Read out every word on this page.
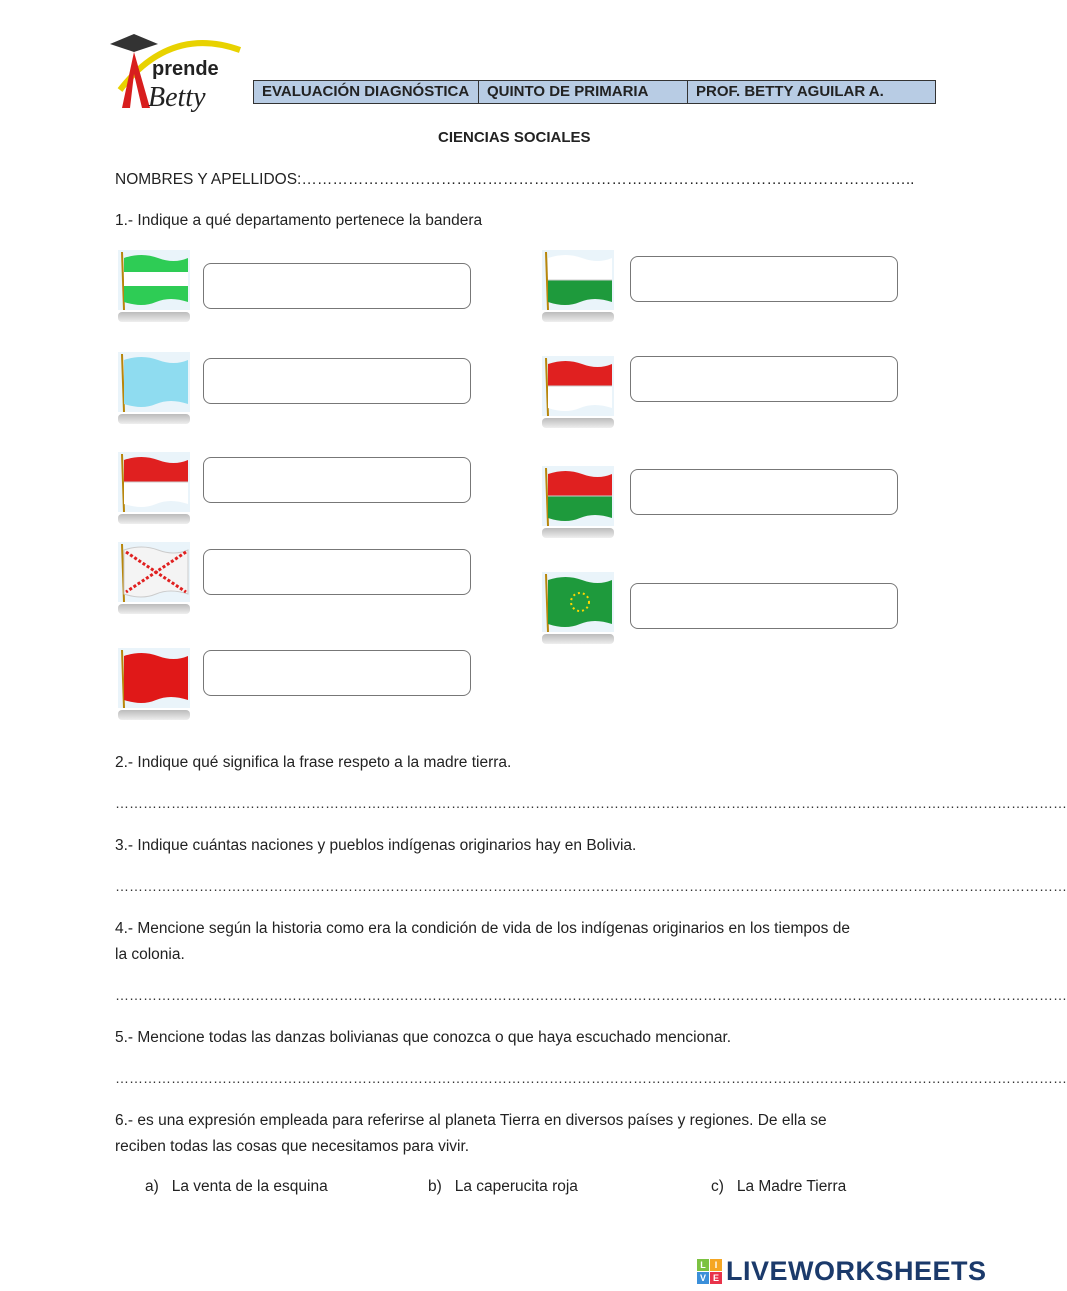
prende
Betty	EVALUACIÓN DIAGNÓSTICA	QUINTO DE PRIMARIA	PROF. BETTY AGUILAR A.
CIENCIAS SOCIALES
NOMBRES Y APELLIDOS:………………………………………………………………………………………………………..
1.- Indique a qué departamento pertenece la bandera
2.- Indique qué significa la frase respeto a la madre tierra.
……………………………………………………………………………………………………………………………………………………………………………………
3.- Indique cuántas naciones y pueblos indígenas originarios hay en Bolivia.
……………………………………………………………………………………………………………………………………………………………………………………
4.- Mencione según la historia como era la condición de vida de los indígenas originarios en los tiempos de
la colonia.
……………………………………………………………………………………………………………………………………………………………………………………
5.- Mencione todas las danzas bolivianas que conozca o que haya escuchado mencionar.
……………………………………………………………………………………………………………………………………………………………………………………
6.- es una expresión empleada para referirse al planeta Tierra en diversos países y regiones. De ella se
reciben todas las cosas que necesitamos para vivir.
a) La venta de la esquina	b) La caperucita roja	c) La Madre Tierra
L I
V E LIVEWORKSHEETS
